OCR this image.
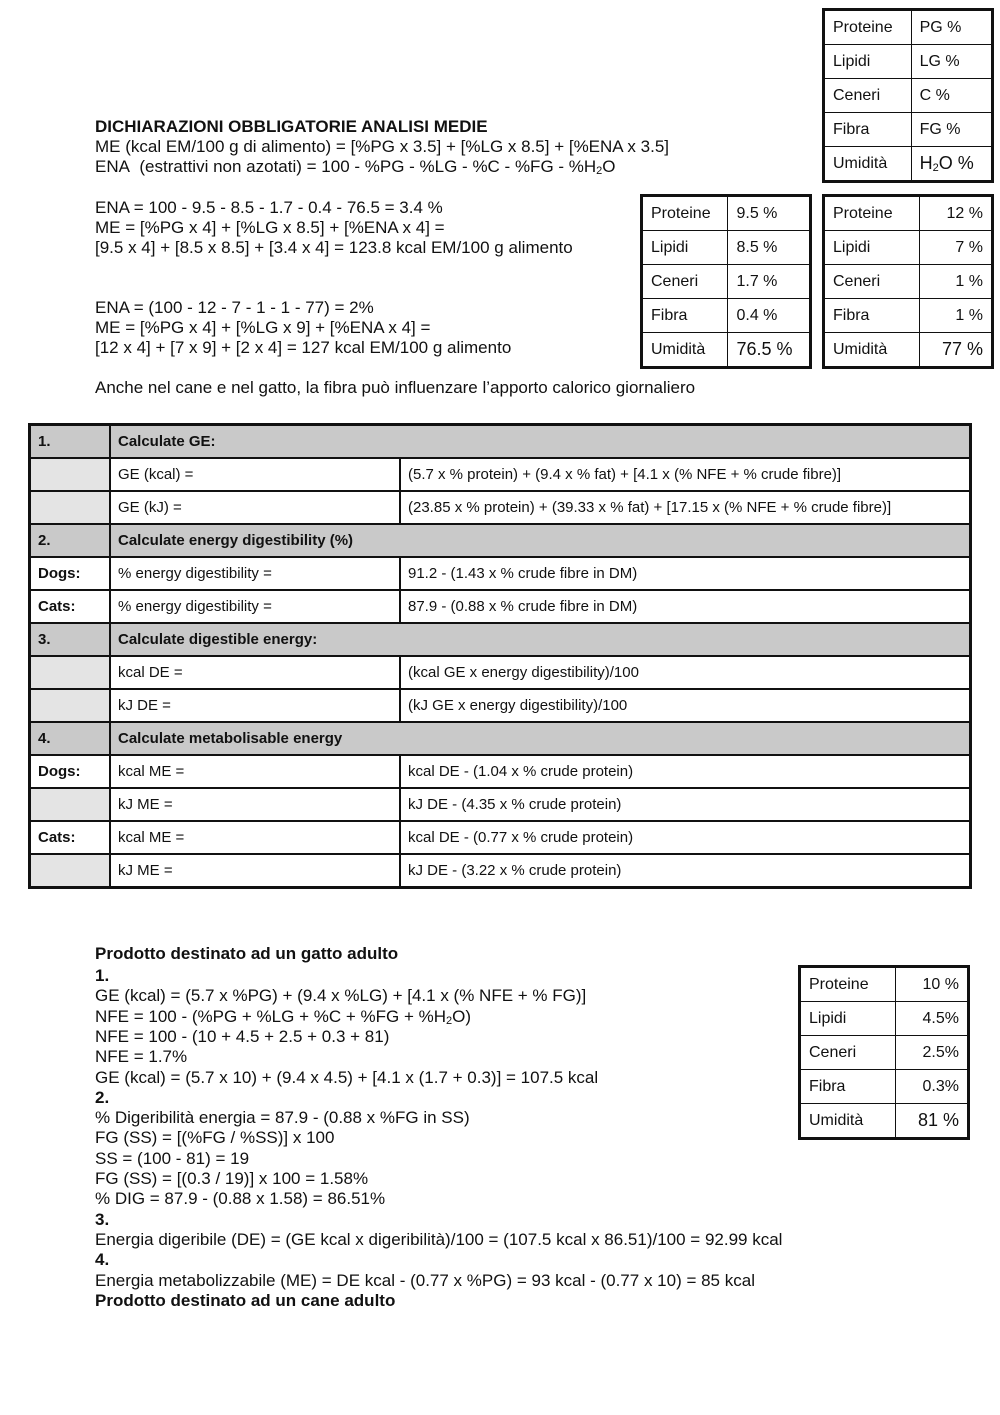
Proteine	PG %
Lipidi	LG %
Ceneri	C %
Fibra	FG %
Umidità	H2O %
DICHIARAZIONI OBBLIGATORIE ANALISI MEDIE
ME (kcal EM/100 g di alimento) = [%PG x 3.5] + [%LG x 8.5] + [%ENA x 3.5]
ENA  (estrattivi non azotati) = 100 - %PG - %LG - %C - %FG - %H2O
ENA = 100 - 9.5 - 8.5 - 1.7 - 0.4 - 76.5 = 3.4 %
ME = [%PG x 4] + [%LG x 8.5] + [%ENA x 4] =
[9.5 x 4] + [8.5 x 8.5] + [3.4 x 4] = 123.8 kcal EM/100 g alimento
ENA = (100 - 12 - 7 - 1 - 1 - 77) = 2%
ME = [%PG x 4] + [%LG x 9] + [%ENA x 4] =
[12 x 4] + [7 x 9] + [2 x 4] = 127 kcal EM/100 g alimento
Proteine	9.5 %
Lipidi	8.5 %
Ceneri	1.7 %
Fibra	0.4 %
Umidità	76.5 %
Proteine	12 %
Lipidi	7 %
Ceneri	1 %
Fibra	1 %
Umidità	77 %
Anche nel cane e nel gatto, la fibra può influenzare l’apporto calorico giornaliero
1.	Calculate GE:	
	GE (kcal) =	(5.7 x % protein) + (9.4 x % fat) + [4.1 x (% NFE + % crude fibre)]
	GE (kJ) =	(23.85 x % protein) + (39.33 x % fat) + [17.15 x (% NFE + % crude fibre)]
2.	Calculate energy digestibility (%)	
Dogs:	% energy digestibility =	91.2 - (1.43 x % crude fibre in DM)
Cats:	% energy digestibility =	87.9 - (0.88 x % crude fibre in DM)
3.	Calculate digestible energy:	
	kcal DE =	(kcal GE x energy digestibility)/100
	kJ DE =	(kJ GE x energy digestibility)/100
4.	Calculate metabolisable energy	
Dogs:	kcal ME =	kcal DE - (1.04 x % crude protein)
	kJ ME =	kJ DE - (4.35 x % crude protein)
Cats:	kcal ME =	kcal DE - (0.77 x % crude protein)
	kJ ME =	kJ DE - (3.22 x % crude protein)
Prodotto destinato ad un gatto adulto
1.
GE (kcal) = (5.7 x %PG) + (9.4 x %LG) + [4.1 x (% NFE + % FG)]
NFE = 100 - (%PG + %LG + %C + %FG + %H2O)
NFE = 100 - (10 + 4.5 + 2.5 + 0.3 + 81)
NFE = 1.7%
GE (kcal) = (5.7 x 10) + (9.4 x 4.5) + [4.1 x (1.7 + 0.3)] = 107.5 kcal
2.
% Digeribilità energia = 87.9 - (0.88 x %FG in SS)
FG (SS) = [(%FG / %SS)] x 100
SS = (100 - 81) = 19
FG (SS) = [(0.3 / 19)] x 100 = 1.58%
% DIG = 87.9 - (0.88 x 1.58) = 86.51%
3.
Energia digeribile (DE) = (GE kcal x digeribilità)/100 = (107.5 kcal x 86.51)/100 = 92.99 kcal
4.
Energia metabolizzabile (ME) = DE kcal - (0.77 x %PG) = 93 kcal - (0.77 x 10) = 85 kcal
Prodotto destinato ad un cane adulto
Proteine	10 %
Lipidi	4.5%
Ceneri	2.5%
Fibra	0.3%
Umidità	81 %
